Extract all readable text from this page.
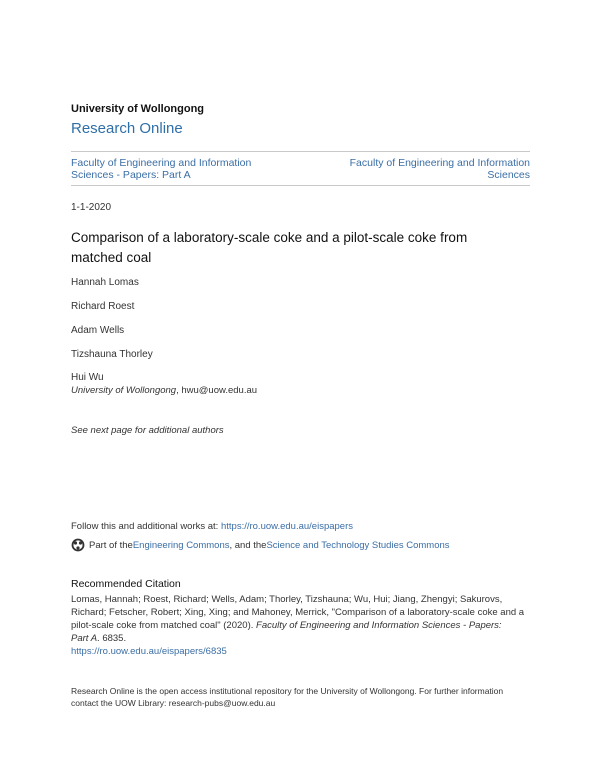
University of Wollongong
Research Online
Faculty of Engineering and Information
Sciences - Papers: Part A
Faculty of Engineering and Information
Sciences
1-1-2020
Comparison of a laboratory-scale coke and a pilot-scale coke from
matched coal
Hannah Lomas
Richard Roest
Adam Wells
Tizshauna Thorley
Hui Wu
University of Wollongong, hwu@uow.edu.au
See next page for additional authors
Follow this and additional works at: https://ro.uow.edu.au/eispapers
Part of the Engineering Commons , and the Science and Technology Studies Commons
Recommended Citation
Lomas, Hannah; Roest, Richard; Wells, Adam; Thorley, Tizshauna; Wu, Hui; Jiang, Zhengyi; Sakurovs,
Richard; Fetscher, Robert; Xing, Xing; and Mahoney, Merrick, "Comparison of a laboratory-scale coke and a
pilot-scale coke from matched coal" (2020). Faculty of Engineering and Information Sciences - Papers:
Part A. 6835.
https://ro.uow.edu.au/eispapers/6835
Research Online is the open access institutional repository for the University of Wollongong. For further information
contact the UOW Library: research-pubs@uow.edu.au
